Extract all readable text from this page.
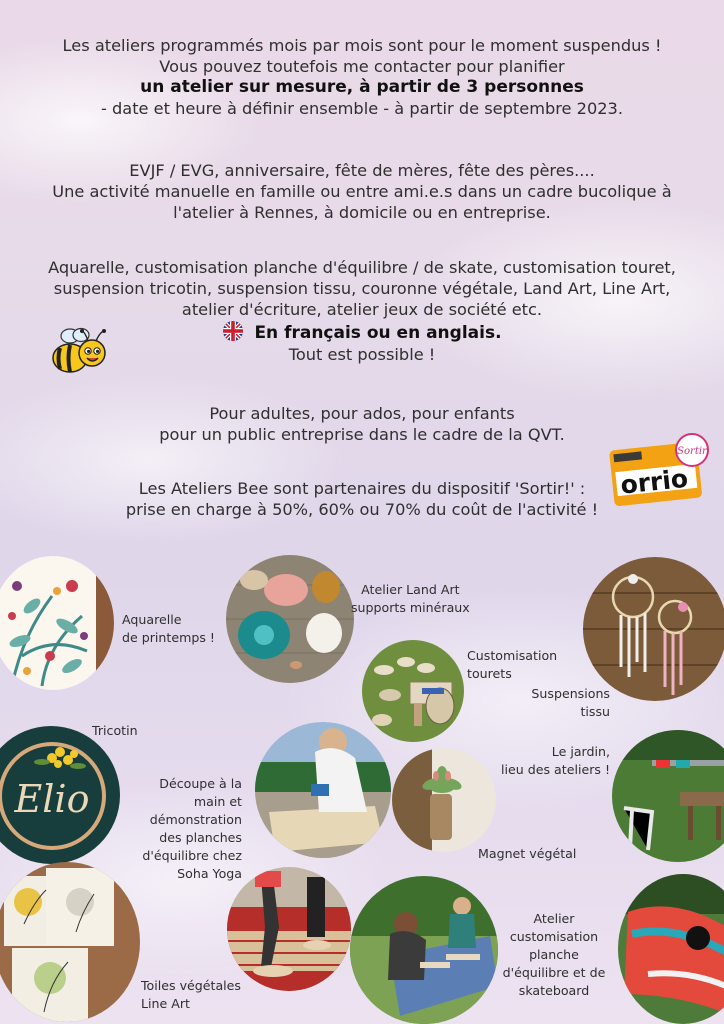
Les ateliers programmés mois par mois sont pour le moment suspendus !
Vous pouvez toutefois me contacter pour planifier
un atelier sur mesure, à partir de 3 personnes
- date et heure à définir ensemble - à partir de septembre 2023.
EVJF / EVG, anniversaire, fête de mères, fête des pères....
Une activité manuelle en famille ou entre ami.e.s dans un cadre bucolique à
l'atelier à Rennes, à domicile ou en entreprise.
Aquarelle, customisation planche d'équilibre / de skate, customisation touret,
suspension tricotin, suspension tissu, couronne végétale, Land Art, Line Art,
atelier d'écriture, atelier jeux de société etc.
En français ou en anglais.
Tout est possible !
Pour adultes, pour ados, pour enfants
pour un public entreprise dans le cadre de la QVT.
Les Ateliers Bee sont partenaires du dispositif 'Sortir!' :
prise en charge à 50%, 60% ou 70% du coût de l'activité !
orrio
Sortir
Elio
Aquarelle
de printemps !
Atelier Land Art
supports minéraux
Customisation
tourets
Suspensions
tissu
Tricotin
Le jardin,
lieu des ateliers !
Découpe à la
main et
démonstration
des planches
d'équilibre chez
Soha Yoga
Magnet végétal
Atelier
customisation
planche
d'équilibre et de
skateboard
Toiles végétales
Line Art
